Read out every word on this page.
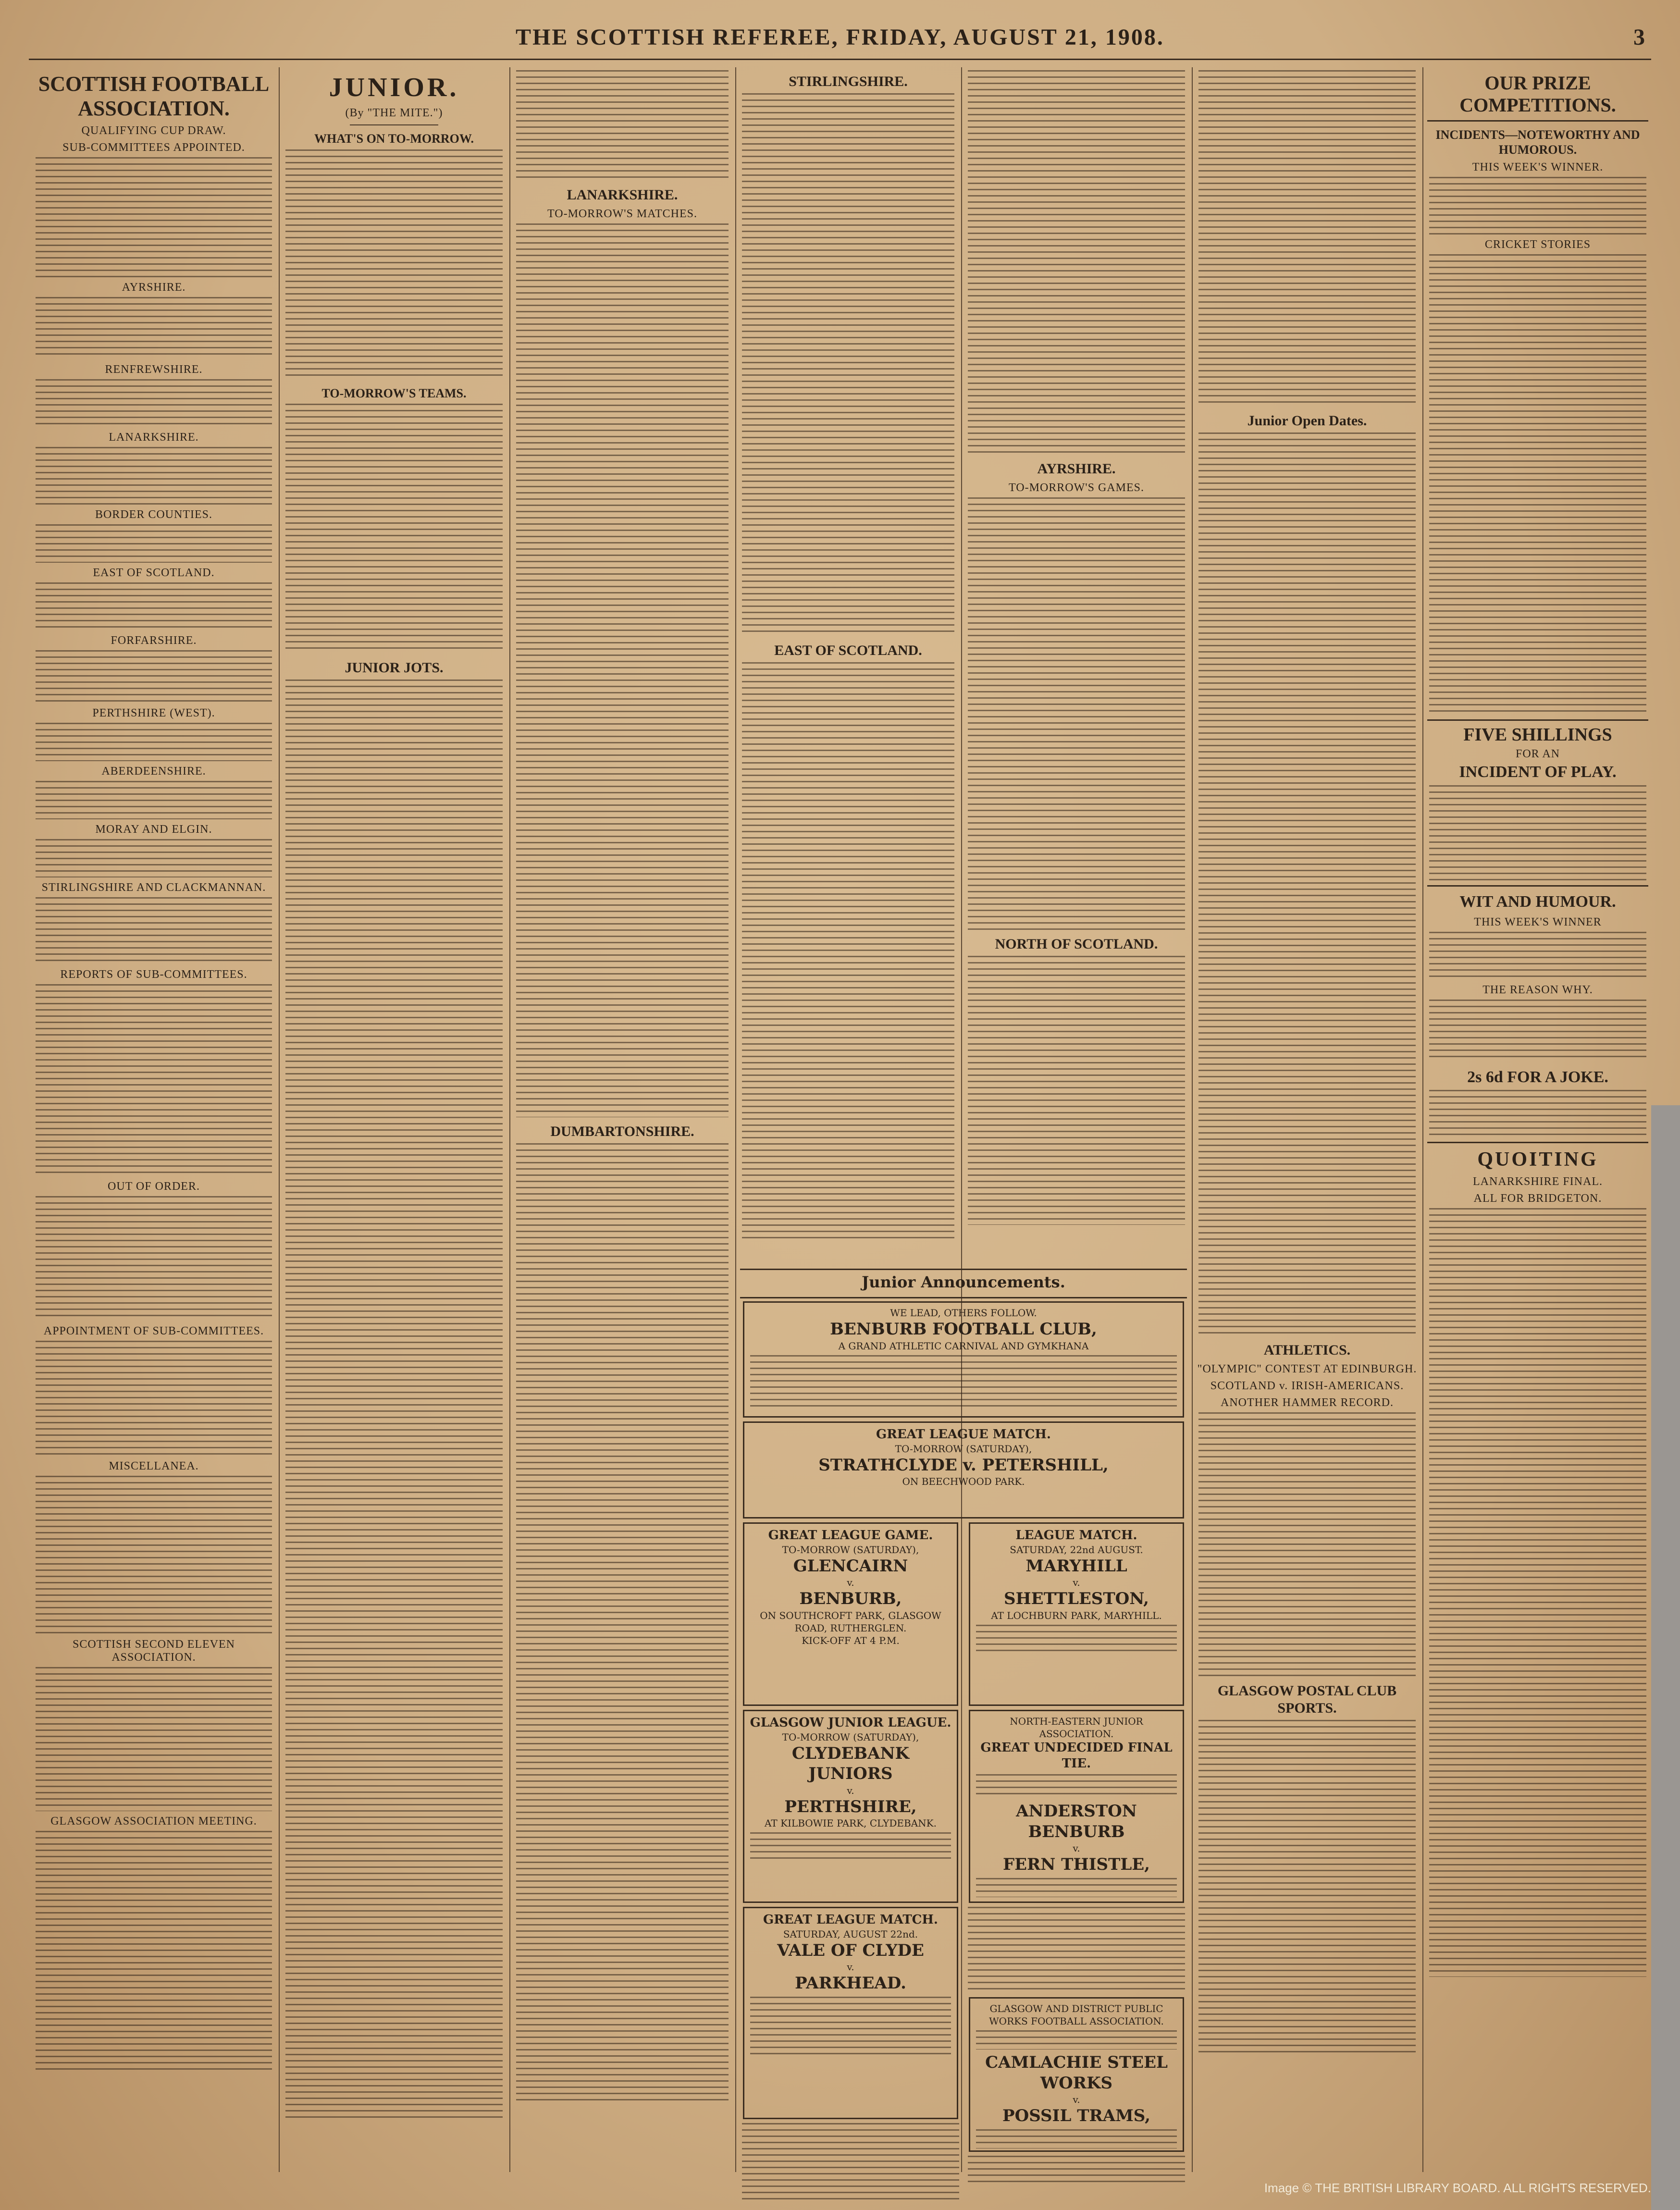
THE SCOTTISH REFEREE, FRIDAY, AUGUST 21, 1908.	3
SCOTTISH FOOTBALL ASSOCIATION.
QUALIFYING CUP DRAW.
SUB-COMMITTEES APPOINTED.
AYRSHIRE.
RENFREWSHIRE.
LANARKSHIRE.
BORDER COUNTIES.
EAST OF SCOTLAND.
FORFARSHIRE.
PERTHSHIRE (WEST).
ABERDEENSHIRE.
MORAY AND ELGIN.
STIRLINGSHIRE AND CLACKMANNAN.
REPORTS OF SUB-COMMITTEES.
OUT OF ORDER.
APPOINTMENT OF SUB-COMMITTEES.
MISCELLANEA.
SCOTTISH SECOND ELEVEN ASSOCIATION.
GLASGOW ASSOCIATION MEETING.
JUNIOR.
(By "THE MITE.")
WHAT'S ON TO-MORROW.
TO-MORROW'S TEAMS.
JUNIOR JOTS.
LANARKSHIRE.
TO-MORROW'S MATCHES.
DUMBARTONSHIRE.
STIRLINGSHIRE.
EAST OF SCOTLAND.
AYRSHIRE.
TO-MORROW'S GAMES.
NORTH OF SCOTLAND.
Junior Open Dates.
ATHLETICS.
"OLYMPIC" CONTEST AT EDINBURGH.
SCOTLAND v. IRISH-AMERICANS.
ANOTHER HAMMER RECORD.
GLASGOW POSTAL CLUB SPORTS.
OUR PRIZE COMPETITIONS.
INCIDENTS—NOTEWORTHY AND HUMOROUS.
THIS WEEK'S WINNER.
CRICKET STORIES
FIVE SHILLINGS
FOR AN
INCIDENT OF PLAY.
WIT AND HUMOUR.
THIS WEEK'S WINNER
THE REASON WHY.
2s 6d FOR A JOKE.
QUOITING
LANARKSHIRE FINAL.
ALL FOR BRIDGETON.
Junior Announcements.
WE LEAD, OTHERS FOLLOW.
BENBURB FOOTBALL CLUB,
A GRAND ATHLETIC CARNIVAL AND GYMKHANA
GREAT LEAGUE MATCH.
TO-MORROW (SATURDAY),
STRATHCLYDE v. PETERSHILL,
ON BEECHWOOD PARK.
GREAT LEAGUE GAME.
TO-MORROW (SATURDAY),
GLENCAIRN
v.
BENBURB,
ON SOUTHCROFT PARK, GLASGOW ROAD, RUTHERGLEN.
KICK-OFF AT 4 P.M.
GLASGOW JUNIOR LEAGUE.
TO-MORROW (SATURDAY),
CLYDEBANK JUNIORS
v.
PERTHSHIRE,
AT KILBOWIE PARK, CLYDEBANK.
GREAT LEAGUE MATCH.
SATURDAY, AUGUST 22nd.
VALE OF CLYDE
v.
PARKHEAD.
LEAGUE MATCH.
SATURDAY, 22nd AUGUST.
MARYHILL
v.
SHETTLESTON,
AT LOCHBURN PARK, MARYHILL.
NORTH-EASTERN JUNIOR ASSOCIATION.
GREAT UNDECIDED FINAL TIE.
ANDERSTON BENBURB
v.
FERN THISTLE,
GLASGOW AND DISTRICT PUBLIC WORKS FOOTBALL ASSOCIATION.
CAMLACHIE STEEL WORKS
v.
POSSIL TRAMS,
Image © THE BRITISH LIBRARY BOARD. ALL RIGHTS RESERVED.
